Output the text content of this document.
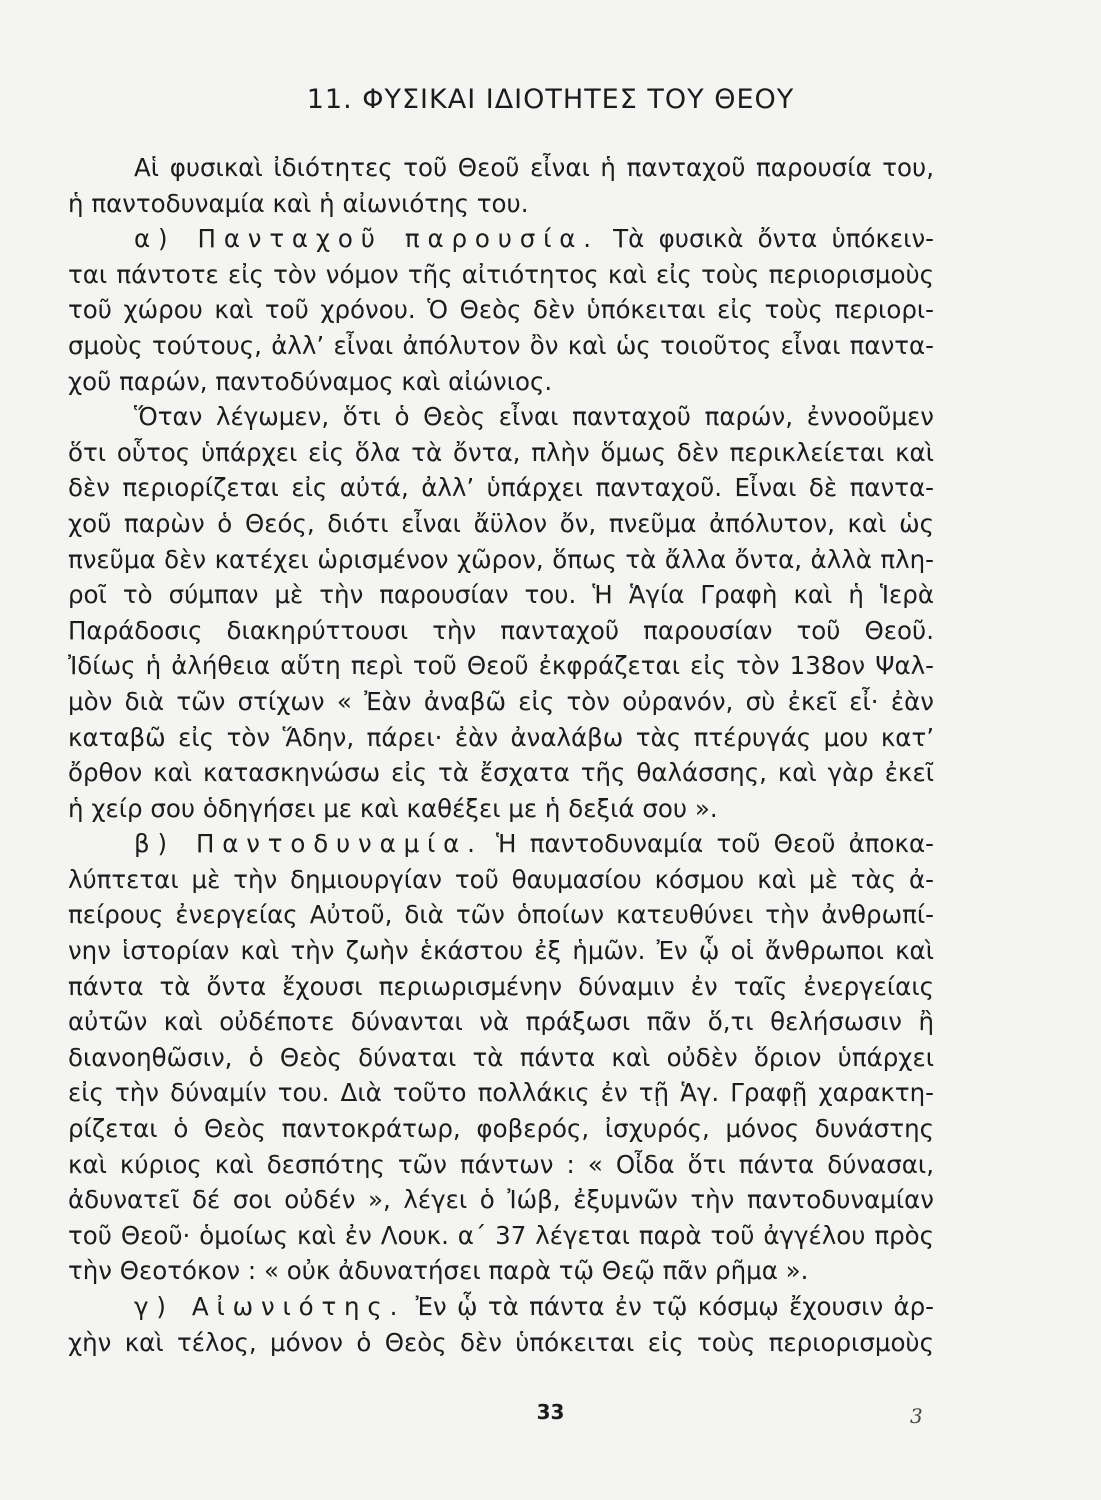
11. ΦΥΣΙΚΑΙ ΙΔΙΟΤΗΤΕΣ ΤΟΥ ΘΕΟΥ

Αἱ φυσικαὶ ἰδιότητες τοῦ Θεοῦ εἶναι ἡ πανταχοῦ παρουσία του,

ἡ παντοδυναμία καὶ ἡ αἰωνιότης του.

α) Πανταχοῦ παρουσία. Τὰ φυσικὰ ὄντα ὑπόκειν-

ται πάντοτε εἰς τὸν νόμον τῆς αἰτιότητος καὶ εἰς τοὺς περιορισμοὺς

τοῦ χώρου καὶ τοῦ χρόνου. Ὁ Θεὸς δὲν ὑπόκειται εἰς τοὺς περιορι-

σμοὺς τούτους, ἀλλ’ εἶναι ἀπόλυτον ὂν καὶ ὡς τοιοῦτος εἶναι παντα-

χοῦ παρών, παντοδύναμος καὶ αἰώνιος.

Ὅταν λέγωμεν, ὅτι ὁ Θεὸς εἶναι πανταχοῦ παρών, ἐννοοῦμεν

ὅτι οὗτος ὑπάρχει εἰς ὅλα τὰ ὄντα, πλὴν ὅμως δὲν περικλείεται καὶ

δὲν περιορίζεται εἰς αὐτά, ἀλλ’ ὑπάρχει πανταχοῦ. Εἶναι δὲ παντα-

χοῦ παρὼν ὁ Θεός, διότι εἶναι ἄϋλον ὄν, πνεῦμα ἀπόλυτον, καὶ ὡς

πνεῦμα δὲν κατέχει ὡρισμένον χῶρον, ὅπως τὰ ἄλλα ὄντα, ἀλλὰ πλη-

ροῖ τὸ σύμπαν μὲ τὴν παρουσίαν του. Ἡ Ἁγία Γραφὴ καὶ ἡ Ἱερὰ

Παράδοσις διακηρύττουσι τὴν πανταχοῦ παρουσίαν τοῦ Θεοῦ.

Ἰδίως ἡ ἀλήθεια αὕτη περὶ τοῦ Θεοῦ ἐκφράζεται εἰς τὸν 138ον Ψαλ-

μὸν διὰ τῶν στίχων « Ἐὰν ἀναβῶ εἰς τὸν οὐρανόν, σὺ ἐκεῖ εἶ· ἐὰν

καταβῶ εἰς τὸν Ἅδην, πάρει· ἐὰν ἀναλάβω τὰς πτέρυγάς μου κατ’

ὄρθον καὶ κατασκηνώσω εἰς τὰ ἔσχατα τῆς θαλάσσης, καὶ γὰρ ἐκεῖ

ἡ χείρ σου ὁδηγήσει με καὶ καθέξει με ἡ δεξιά σου ».

β) Παντοδυναμία. Ἡ παντοδυναμία τοῦ Θεοῦ ἀποκα-

λύπτεται μὲ τὴν δημιουργίαν τοῦ θαυμασίου κόσμου καὶ μὲ τὰς ἀ-

πείρους ἐνεργείας Αὐτοῦ, διὰ τῶν ὁποίων κατευθύνει τὴν ἀνθρωπί-

νην ἱστορίαν καὶ τὴν ζωὴν ἑκάστου ἐξ ἡμῶν. Ἐν ᾧ οἱ ἄνθρωποι καὶ

πάντα τὰ ὄντα ἔχουσι περιωρισμένην δύναμιν ἐν ταῖς ἐνεργείαις

αὐτῶν καὶ οὐδέποτε δύνανται νὰ πράξωσι πᾶν ὅ,τι θελήσωσιν ἢ

διανοηθῶσιν, ὁ Θεὸς δύναται τὰ πάντα καὶ οὐδὲν ὅριον ὑπάρχει

εἰς τὴν δύναμίν του. Διὰ τοῦτο πολλάκις ἐν τῇ Ἁγ. Γραφῇ χαρακτη-

ρίζεται ὁ Θεὸς παντοκράτωρ, φοβερός, ἰσχυρός, μόνος δυνάστης

καὶ κύριος καὶ δεσπότης τῶν πάντων : « Οἶδα ὅτι πάντα δύνασαι,

ἀδυνατεῖ δέ σοι οὐδέν », λέγει ὁ Ἰώβ, ἐξυμνῶν τὴν παντοδυναμίαν

τοῦ Θεοῦ· ὁμοίως καὶ ἐν Λουκ. α´ 37 λέγεται παρὰ τοῦ ἀγγέλου πρὸς

τὴν Θεοτόκον : « οὐκ ἀδυνατήσει παρὰ τῷ Θεῷ πᾶν ρῆμα ».

γ) Αἰωνιότης. Ἐν ᾧ τὰ πάντα ἐν τῷ κόσμῳ ἔχουσιν ἀρ-

χὴν καὶ τέλος, μόνον ὁ Θεὸς δὲν ὑπόκειται εἰς τοὺς περιορισμοὺς

33	3
